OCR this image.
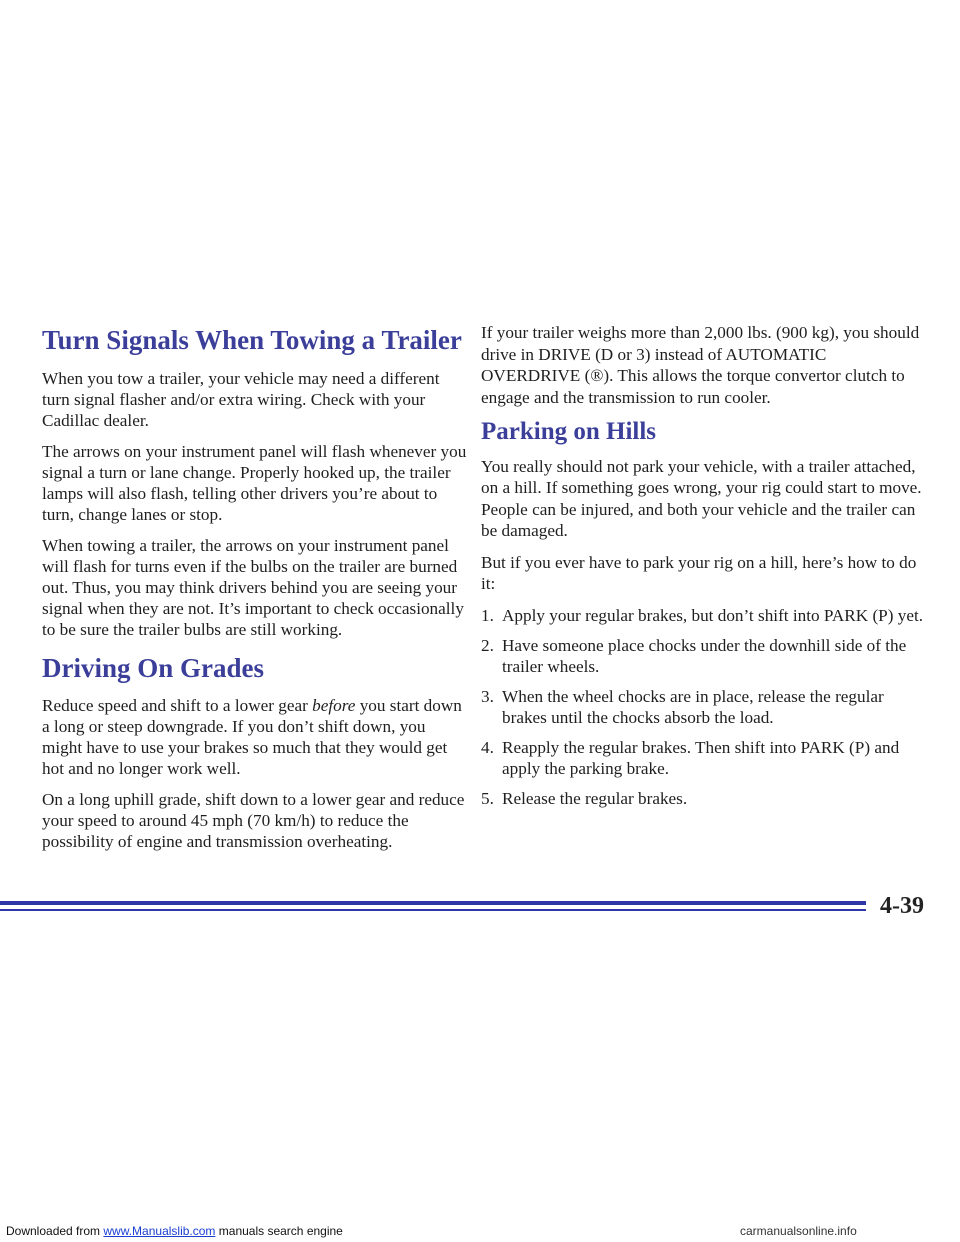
Turn Signals When Towing a Trailer

When you tow a trailer, your vehicle may need a different turn signal flasher and/or extra wiring. Check with your Cadillac dealer.

The arrows on your instrument panel will flash whenever you signal a turn or lane change. Properly hooked up, the trailer lamps will also flash, telling other drivers you’re about to turn, change lanes or stop.

When towing a trailer, the arrows on your instrument panel will flash for turns even if the bulbs on the trailer are burned out. Thus, you may think drivers behind you are seeing your signal when they are not. It’s important to check occasionally to be sure the trailer bulbs are still working.

Driving On Grades

Reduce speed and shift to a lower gear before you start down a long or steep downgrade. If you don’t shift down, you might have to use your brakes so much that they would get hot and no longer work well.

On a long uphill grade, shift down to a lower gear and reduce your speed to around 45 mph (70 km/h) to reduce the possibility of engine and transmission overheating.

If your trailer weighs more than 2,000 lbs. (900 kg), you should drive in DRIVE (D or 3) instead of AUTOMATIC OVERDRIVE (®). This allows the torque convertor clutch to engage and the transmission to run cooler.

Parking on Hills

You really should not park your vehicle, with a trailer attached, on a hill. If something goes wrong, your rig could start to move. People can be injured, and both your vehicle and the trailer can be damaged.

But if you ever have to park your rig on a hill, here’s how to do it:

1. Apply your regular brakes, but don’t shift into PARK (P) yet.
2. Have someone place chocks under the downhill side of the trailer wheels.
3. When the wheel chocks are in place, release the regular brakes until the chocks absorb the load.
4. Reapply the regular brakes. Then shift into PARK (P) and apply the parking brake.
5. Release the regular brakes.
4-39
Downloaded from www.Manualslib.com manuals search engine	carmanualsonline.info
